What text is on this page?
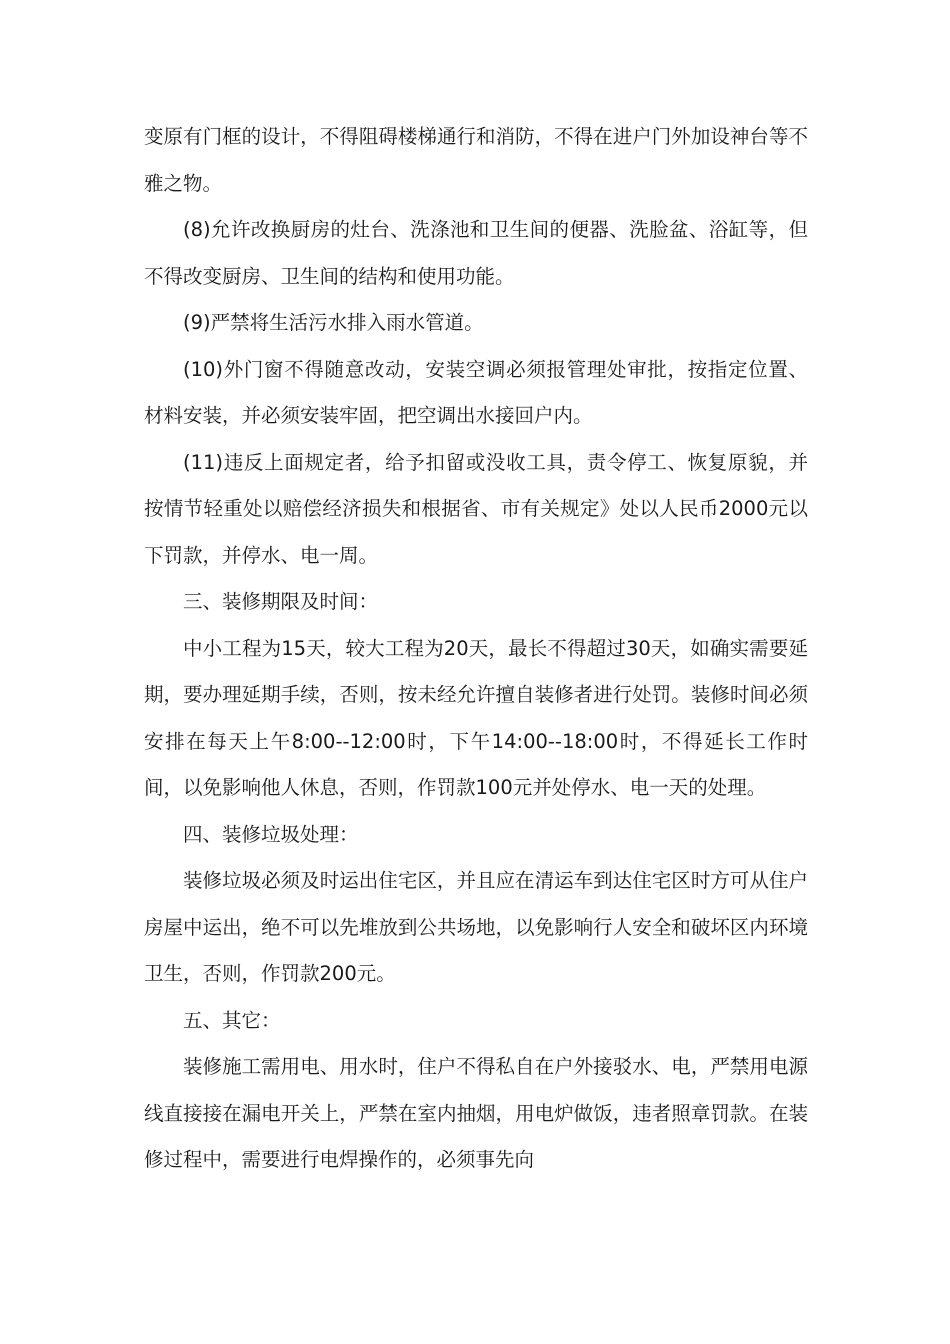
变原有门框的设计，不得阻碍楼梯通行和消防，不得在进户门外加设神台等不雅之物。

(8)允许改换厨房的灶台、洗涤池和卫生间的便器、洗脸盆、浴缸等，但不得改变厨房、卫生间的结构和使用功能。

(9)严禁将生活污水排入雨水管道。

(10)外门窗不得随意改动，安装空调必须报管理处审批，按指定位置、材料安装，并必须安装牢固，把空调出水接回户内。

(11)违反上面规定者，给予扣留或没收工具，责令停工、恢复原貌，并按情节轻重处以赔偿经济损失和根据省、市有关规定》处以人民币2000元以下罚款，并停水、电一周。

三、装修期限及时间：

中小工程为15天，较大工程为20天，最长不得超过30天，如确实需要延期，要办理延期手续，否则，按未经允许擅自装修者进行处罚。装修时间必须安排在每天上午8:00--12:00时，下午14:00--18:00时，不得延长工作时间，以免影响他人休息，否则，作罚款100元并处停水、电一天的处理。

四、装修垃圾处理：

装修垃圾必须及时运出住宅区，并且应在清运车到达住宅区时方可从住户房屋中运出，绝不可以先堆放到公共场地，以免影响行人安全和破坏区内环境卫生，否则，作罚款200元。

五、其它：

装修施工需用电、用水时，住户不得私自在户外接驳水、电，严禁用电源线直接接在漏电开关上，严禁在室内抽烟，用电炉做饭，违者照章罚款。在装修过程中，需要进行电焊操作的，必须事先向
